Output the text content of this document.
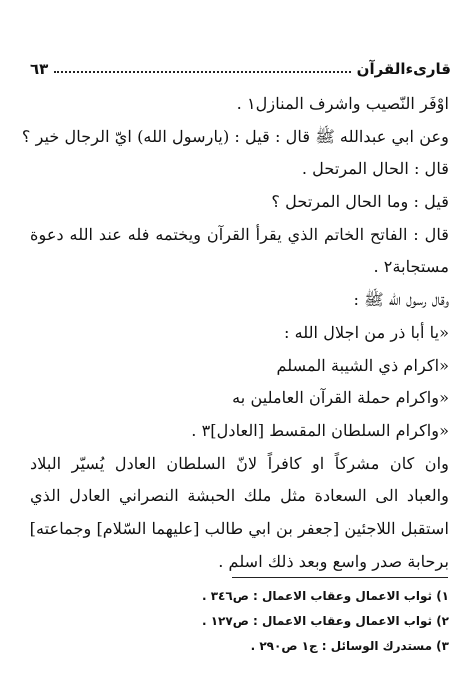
قارىءالقرآن
٦٣
اوْفَر النّصيب واشرف المنازل١ .
وعن ابي عبدالله ﷺ قال : قيل : (يارسول الله) ايّ الرجال خير ؟
قال : الحال المرتحل .
قيل : وما الحال المرتحل ؟
قال : الفاتح الخاتم الذي يقرأ القرآن ويختمه فله عند الله دعوة
مستجابة٢ .
وقال رسول الله ﷺ :
«يا أبا ذر من اجلال الله :
«اكرام ذي الشيبة المسلم
«واكرام حملة القرآن العاملين به
«واكرام السلطان المقسط [العادل]٣ .
وان كان مشركاً او كافراً لانّ السلطان العادل يُسيّر البلاد
والعباد الى السعادة مثل ملك الحبشة النصراني العادل الذي
استقبل اللاجئين [جعفر بن ابي طالب [عليهما السّلام] وجماعته]
برحابة صدر واسع وبعد ذلك اسلم .
١) ثواب الاعمال وعقاب الاعمال : ص٣٤٦ .
٢) ثواب الاعمال وعقاب الاعمال : ص١٢٧ .
٣) مستدرك الوسائل : ج١ ص٢٩٠ .
